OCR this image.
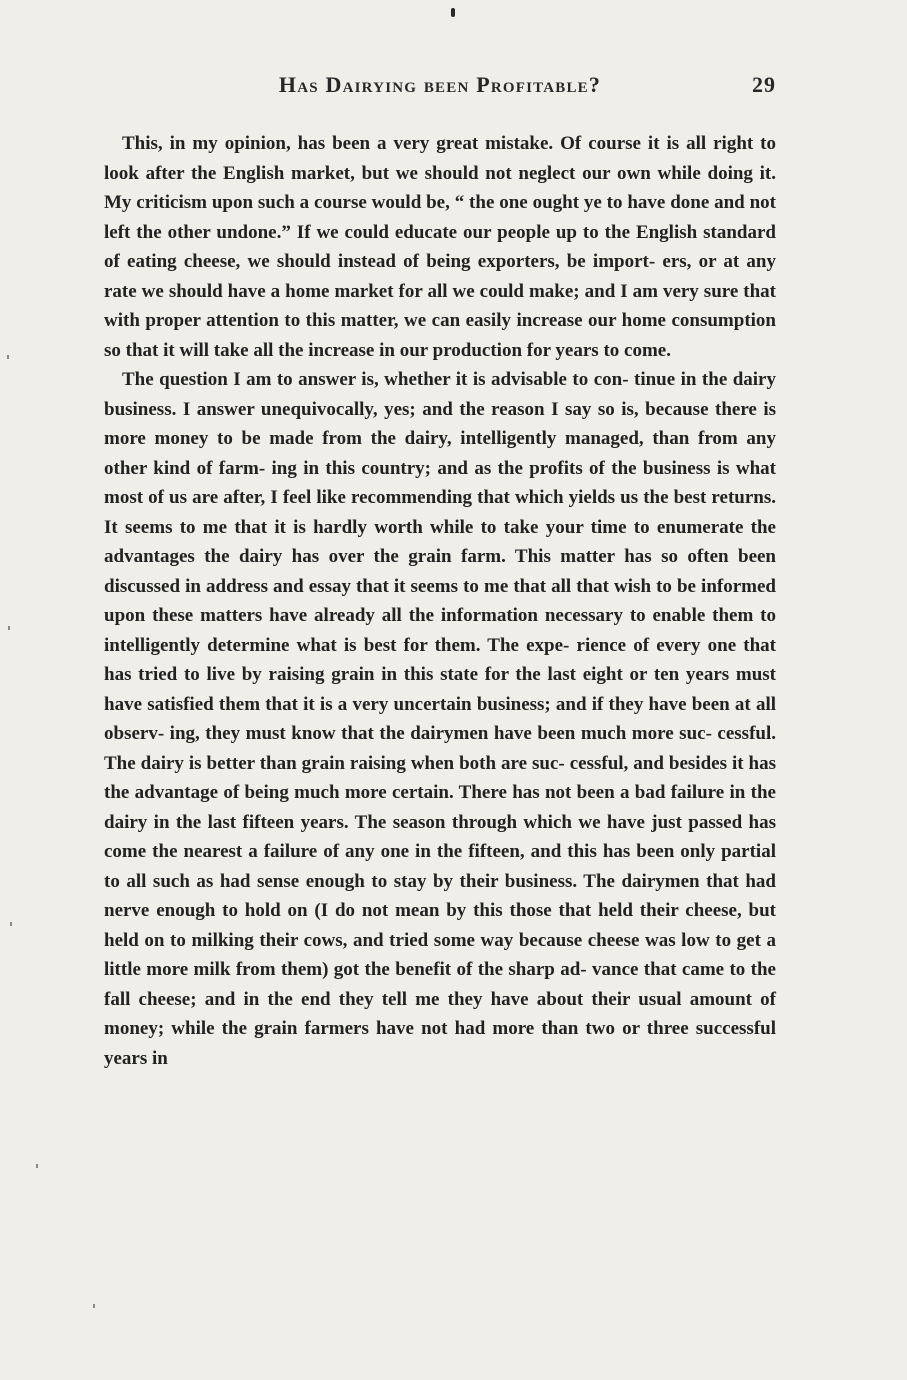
Has Dairying been Profitable?	29

This, in my opinion, has been a very great mistake. Of course it is all right to look after the English market, but we should not neglect our own while doing it. My criticism upon such a course would be, “ the one ought ye to have done and not left the other undone.” If we could educate our people up to the English standard of eating cheese, we should instead of being exporters, be import- ers, or at any rate we should have a home market for all we could make; and I am very sure that with proper attention to this matter, we can easily increase our home consumption so that it will take all the increase in our production for years to come.

The question I am to answer is, whether it is advisable to con- tinue in the dairy business. I answer unequivocally, yes; and the reason I say so is, because there is more money to be made from the dairy, intelligently managed, than from any other kind of farm- ing in this country; and as the profits of the business is what most of us are after, I feel like recommending that which yields us the best returns. It seems to me that it is hardly worth while to take your time to enumerate the advantages the dairy has over the grain farm. This matter has so often been discussed in address and essay that it seems to me that all that wish to be informed upon these matters have already all the information necessary to enable them to intelligently determine what is best for them. The expe- rience of every one that has tried to live by raising grain in this state for the last eight or ten years must have satisfied them that it is a very uncertain business; and if they have been at all observ- ing, they must know that the dairymen have been much more suc- cessful. The dairy is better than grain raising when both are suc- cessful, and besides it has the advantage of being much more certain. There has not been a bad failure in the dairy in the last fifteen years. The season through which we have just passed has come the nearest a failure of any one in the fifteen, and this has been only partial to all such as had sense enough to stay by their business. The dairymen that had nerve enough to hold on (I do not mean by this those that held their cheese, but held on to milking their cows, and tried some way because cheese was low to get a little more milk from them) got the benefit of the sharp ad- vance that came to the fall cheese; and in the end they tell me they have about their usual amount of money; while the grain farmers have not had more than two or three successful years in
